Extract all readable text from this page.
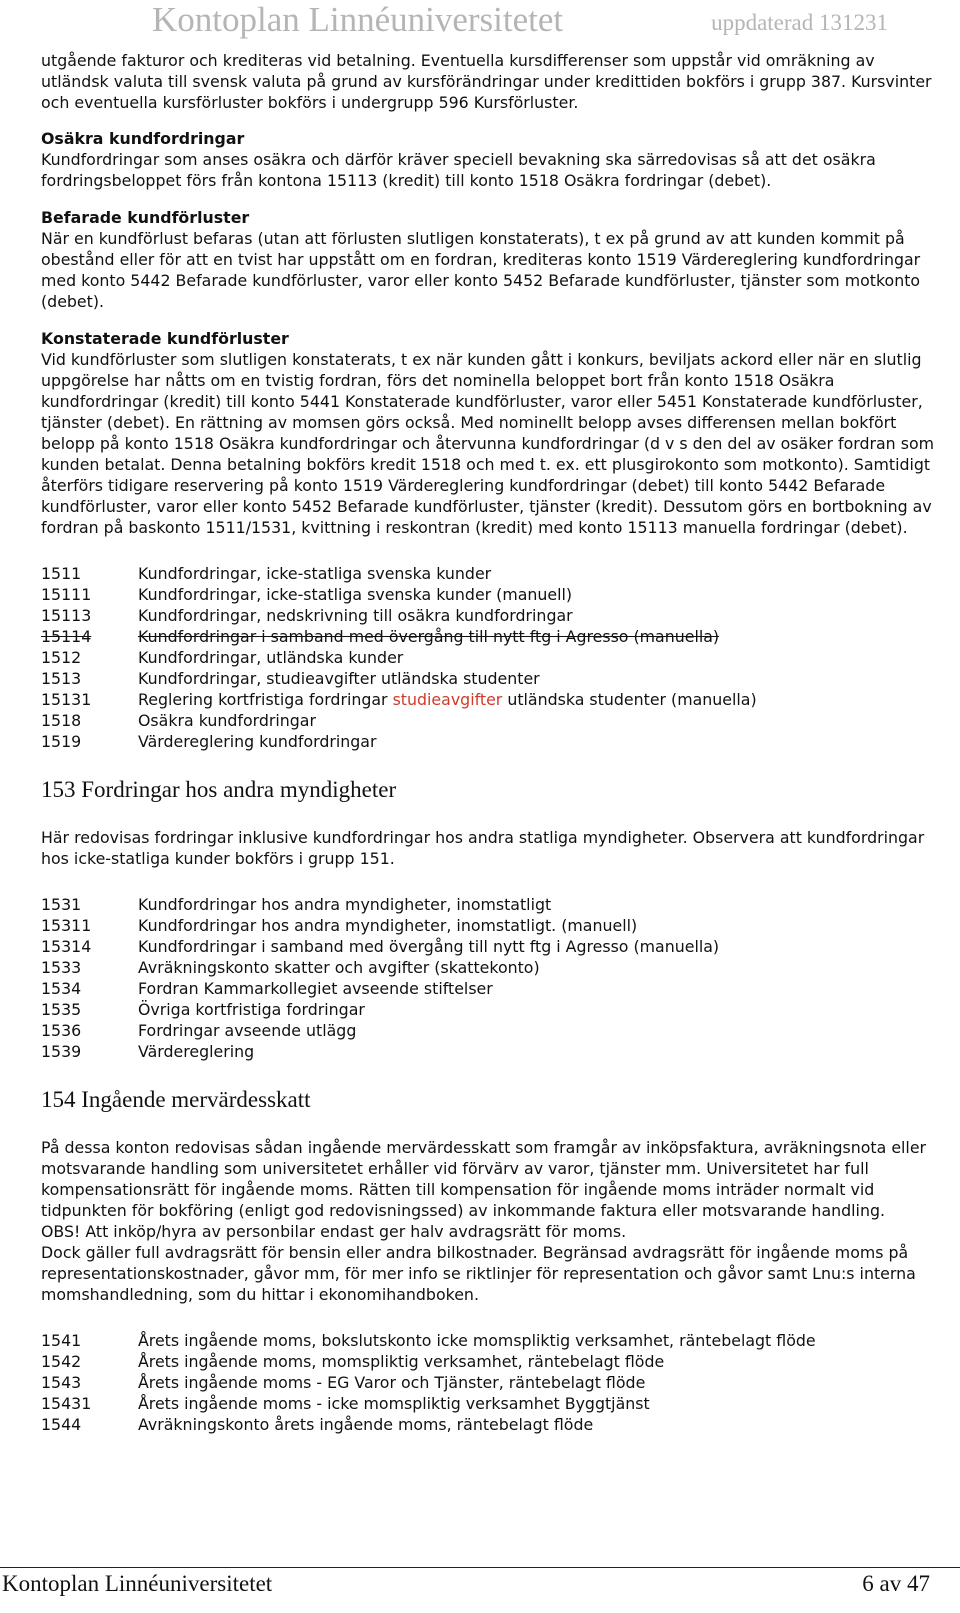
Kontoplan Linnéuniversitetet	uppdaterad 131231

utgående fakturor och krediteras vid betalning. Eventuella kursdifferenser som uppstår vid omräkning av utländsk valuta till svensk valuta på grund av kursförändringar under kredittiden bokförs i grupp 387. Kursvinter och eventuella kursförluster bokförs i undergrupp 596 Kursförluster.

Osäkra kundfordringar
Kundfordringar som anses osäkra och därför kräver speciell bevakning ska särredovisas så att det osäkra fordringsbeloppet förs från kontona 15113 (kredit) till konto 1518 Osäkra fordringar (debet).
Befarade kundförluster
När en kundförlust befaras (utan att förlusten slutligen konstaterats), t ex på grund av att kunden kommit på obestånd eller för att en tvist har uppstått om en fordran, krediteras konto 1519 Värdereglering kundfordringar med konto 5442 Befarade kundförluster, varor eller konto 5452 Befarade kundförluster, tjänster som motkonto (debet).
Konstaterade kundförluster
Vid kundförluster som slutligen konstaterats, t ex när kunden gått i konkurs, beviljats ackord eller när en slutlig uppgörelse har nåtts om en tvistig fordran, förs det nominella beloppet bort från konto 1518 Osäkra kundfordringar (kredit) till konto 5441 Konstaterade kundförluster, varor eller 5451 Konstaterade kundförluster, tjänster (debet). En rättning av momsen görs också. Med nominellt belopp avses differensen mellan bokfört belopp på konto 1518 Osäkra kundfordringar och återvunna kundfordringar (d v s den del av osäker fordran som kunden betalat. Denna betalning bokförs kredit 1518 och med t. ex. ett plusgirokonto som motkonto). Samtidigt återförs tidigare reservering på konto 1519 Värdereglering kundfordringar (debet) till konto 5442 Befarade kundförluster, varor eller konto 5452 Befarade kundförluster, tjänster (kredit). Dessutom görs en bortbokning av fordran på baskonto 1511/1531, kvittning i reskontran (kredit) med konto 15113 manuella fordringar (debet).
1511	Kundfordringar, icke-statliga svenska kunder
15111	Kundfordringar, icke-statliga svenska kunder (manuell)
15113	Kundfordringar, nedskrivning till osäkra kundfordringar
15114	Kundfordringar i samband med övergång till nytt ftg i Agresso (manuella)
1512	Kundfordringar, utländska kunder
1513	Kundfordringar, studieavgifter utländska studenter
15131	Reglering kortfristiga fordringar studieavgifter utländska studenter (manuella)
1518	Osäkra kundfordringar
1519	Värdereglering kundfordringar
153 Fordringar hos andra myndigheter

Här redovisas fordringar inklusive kundfordringar hos andra statliga myndigheter. Observera att kundfordringar hos icke-statliga kunder bokförs i grupp 151.

1531	Kundfordringar hos andra myndigheter, inomstatligt
15311	Kundfordringar hos andra myndigheter, inomstatligt. (manuell)
15314	Kundfordringar i samband med övergång till nytt ftg i Agresso (manuella)
1533	Avräkningskonto skatter och avgifter (skattekonto)
1534	Fordran Kammarkollegiet avseende stiftelser
1535	Övriga kortfristiga fordringar
1536	Fordringar avseende utlägg
1539	Värdereglering
154 Ingående mervärdesskatt

På dessa konton redovisas sådan ingående mervärdesskatt som framgår av inköpsfaktura, avräkningsnota eller motsvarande handling som universitetet erhåller vid förvärv av varor, tjänster mm. Universitetet har full kompensationsrätt för ingående moms. Rätten till kompensation för ingående moms inträder normalt vid tidpunkten för bokföring (enligt god redovisningssed) av inkommande faktura eller motsvarande handling.

OBS! Att inköp/hyra av personbilar endast ger halv avdragsrätt för moms.

Dock gäller full avdragsrätt för bensin eller andra bilkostnader. Begränsad avdragsrätt för ingående moms på representationskostnader, gåvor mm, för mer info se riktlinjer för representation och gåvor samt Lnu:s interna momshandledning, som du hittar i ekonomihandboken.

1541	Årets ingående moms, bokslutskonto icke momspliktig verksamhet, räntebelagt flöde
1542	Årets ingående moms, momspliktig verksamhet, räntebelagt flöde
1543	Årets ingående moms - EG Varor och Tjänster, räntebelagt flöde
15431	Årets ingående moms - icke momspliktig verksamhet Byggtjänst
1544	Avräkningskonto årets ingående moms, räntebelagt flöde
Kontoplan Linnéuniversitetet	6 av 47
